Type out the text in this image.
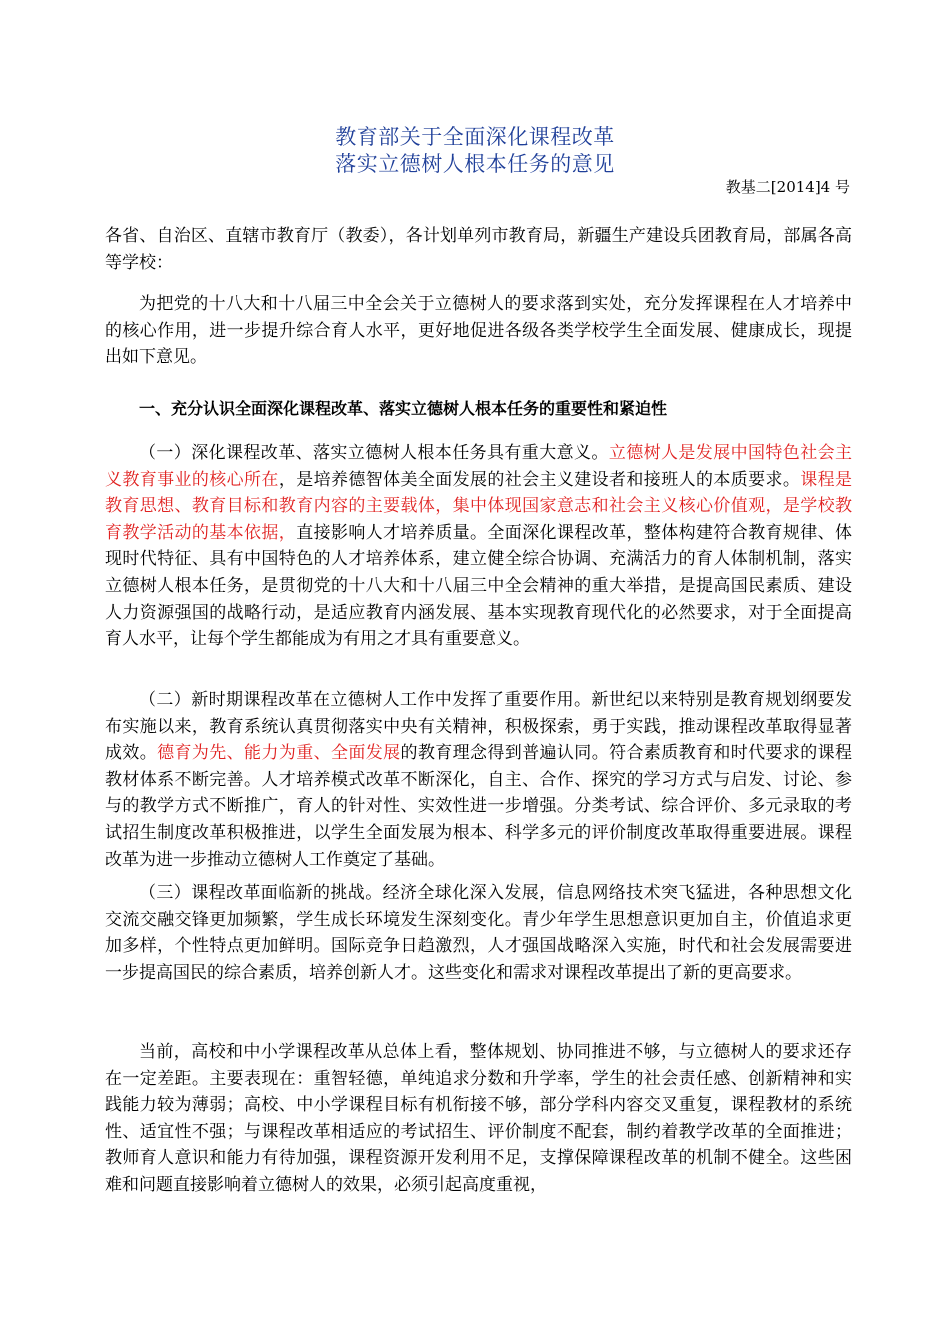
教育部关于全面深化课程改革
落实立德树人根本任务的意见
教基二[2014]4 号

各省、自治区、直辖市教育厅（教委），各计划单列市教育局，新疆生产建设兵团教育局，部属各高等学校：

为把党的十八大和十八届三中全会关于立德树人的要求落到实处，充分发挥课程在人才培养中的核心作用，进一步提升综合育人水平，更好地促进各级各类学校学生全面发展、健康成长，现提出如下意见。

一、充分认识全面深化课程改革、落实立德树人根本任务的重要性和紧迫性

（一）深化课程改革、落实立德树人根本任务具有重大意义。立德树人是发展中国特色社会主义教育事业的核心所在，是培养德智体美全面发展的社会主义建设者和接班人的本质要求。课程是教育思想、教育目标和教育内容的主要载体，集中体现国家意志和社会主义核心价值观，是学校教育教学活动的基本依据，直接影响人才培养质量。全面深化课程改革，整体构建符合教育规律、体现时代特征、具有中国特色的人才培养体系，建立健全综合协调、充满活力的育人体制机制，落实立德树人根本任务，是贯彻党的十八大和十八届三中全会精神的重大举措，是提高国民素质、建设人力资源强国的战略行动，是适应教育内涵发展、基本实现教育现代化的必然要求，对于全面提高育人水平，让每个学生都能成为有用之才具有重要意义。

（二）新时期课程改革在立德树人工作中发挥了重要作用。新世纪以来特别是教育规划纲要发布实施以来，教育系统认真贯彻落实中央有关精神，积极探索，勇于实践，推动课程改革取得显著成效。德育为先、能力为重、全面发展的教育理念得到普遍认同。符合素质教育和时代要求的课程教材体系不断完善。人才培养模式改革不断深化，自主、合作、探究的学习方式与启发、讨论、参与的教学方式不断推广，育人的针对性、实效性进一步增强。分类考试、综合评价、多元录取的考试招生制度改革积极推进，以学生全面发展为根本、科学多元的评价制度改革取得重要进展。课程改革为进一步推动立德树人工作奠定了基础。

（三）课程改革面临新的挑战。经济全球化深入发展，信息网络技术突飞猛进，各种思想文化交流交融交锋更加频繁，学生成长环境发生深刻变化。青少年学生思想意识更加自主，价值追求更加多样，个性特点更加鲜明。国际竞争日趋激烈，人才强国战略深入实施，时代和社会发展需要进一步提高国民的综合素质，培养创新人才。这些变化和需求对课程改革提出了新的更高要求。

当前，高校和中小学课程改革从总体上看，整体规划、协同推进不够，与立德树人的要求还存在一定差距。主要表现在：重智轻德，单纯追求分数和升学率，学生的社会责任感、创新精神和实践能力较为薄弱；高校、中小学课程目标有机衔接不够，部分学科内容交叉重复，课程教材的系统性、适宜性不强；与课程改革相适应的考试招生、评价制度不配套，制约着教学改革的全面推进；教师育人意识和能力有待加强，课程资源开发利用不足，支撑保障课程改革的机制不健全。这些困难和问题直接影响着立德树人的效果，必须引起高度重视，
